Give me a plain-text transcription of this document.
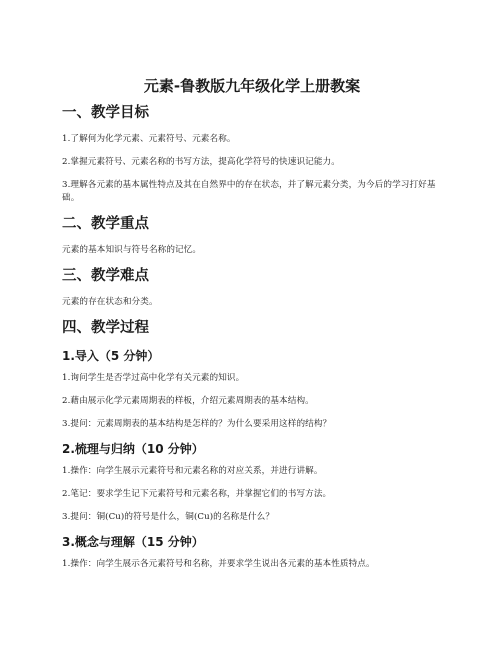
元素-鲁教版九年级化学上册教案
一、教学目标
1.了解何为化学元素、元素符号、元素名称。
2.掌握元素符号、元素名称的书写方法，提高化学符号的快速识记能力。
3.理解各元素的基本属性特点及其在自然界中的存在状态，并了解元素分类，为今后的学习打好基础。
二、教学重点
元素的基本知识与符号名称的记忆。
三、教学难点
元素的存在状态和分类。
四、教学过程
1.导入（5 分钟）
1.询问学生是否学过高中化学有关元素的知识。
2.藉由展示化学元素周期表的样板，介绍元素周期表的基本结构。
3.提问：元素周期表的基本结构是怎样的？为什么要采用这样的结构？
2.梳理与归纳（10 分钟）
1.操作：向学生展示元素符号和元素名称的对应关系，并进行讲解。
2.笔记：要求学生记下元素符号和元素名称，并掌握它们的书写方法。
3.提问：铜(Cu)的符号是什么，铜(Cu)的名称是什么？
3.概念与理解（15 分钟）
1.操作：向学生展示各元素符号和名称，并要求学生说出各元素的基本性质特点。
